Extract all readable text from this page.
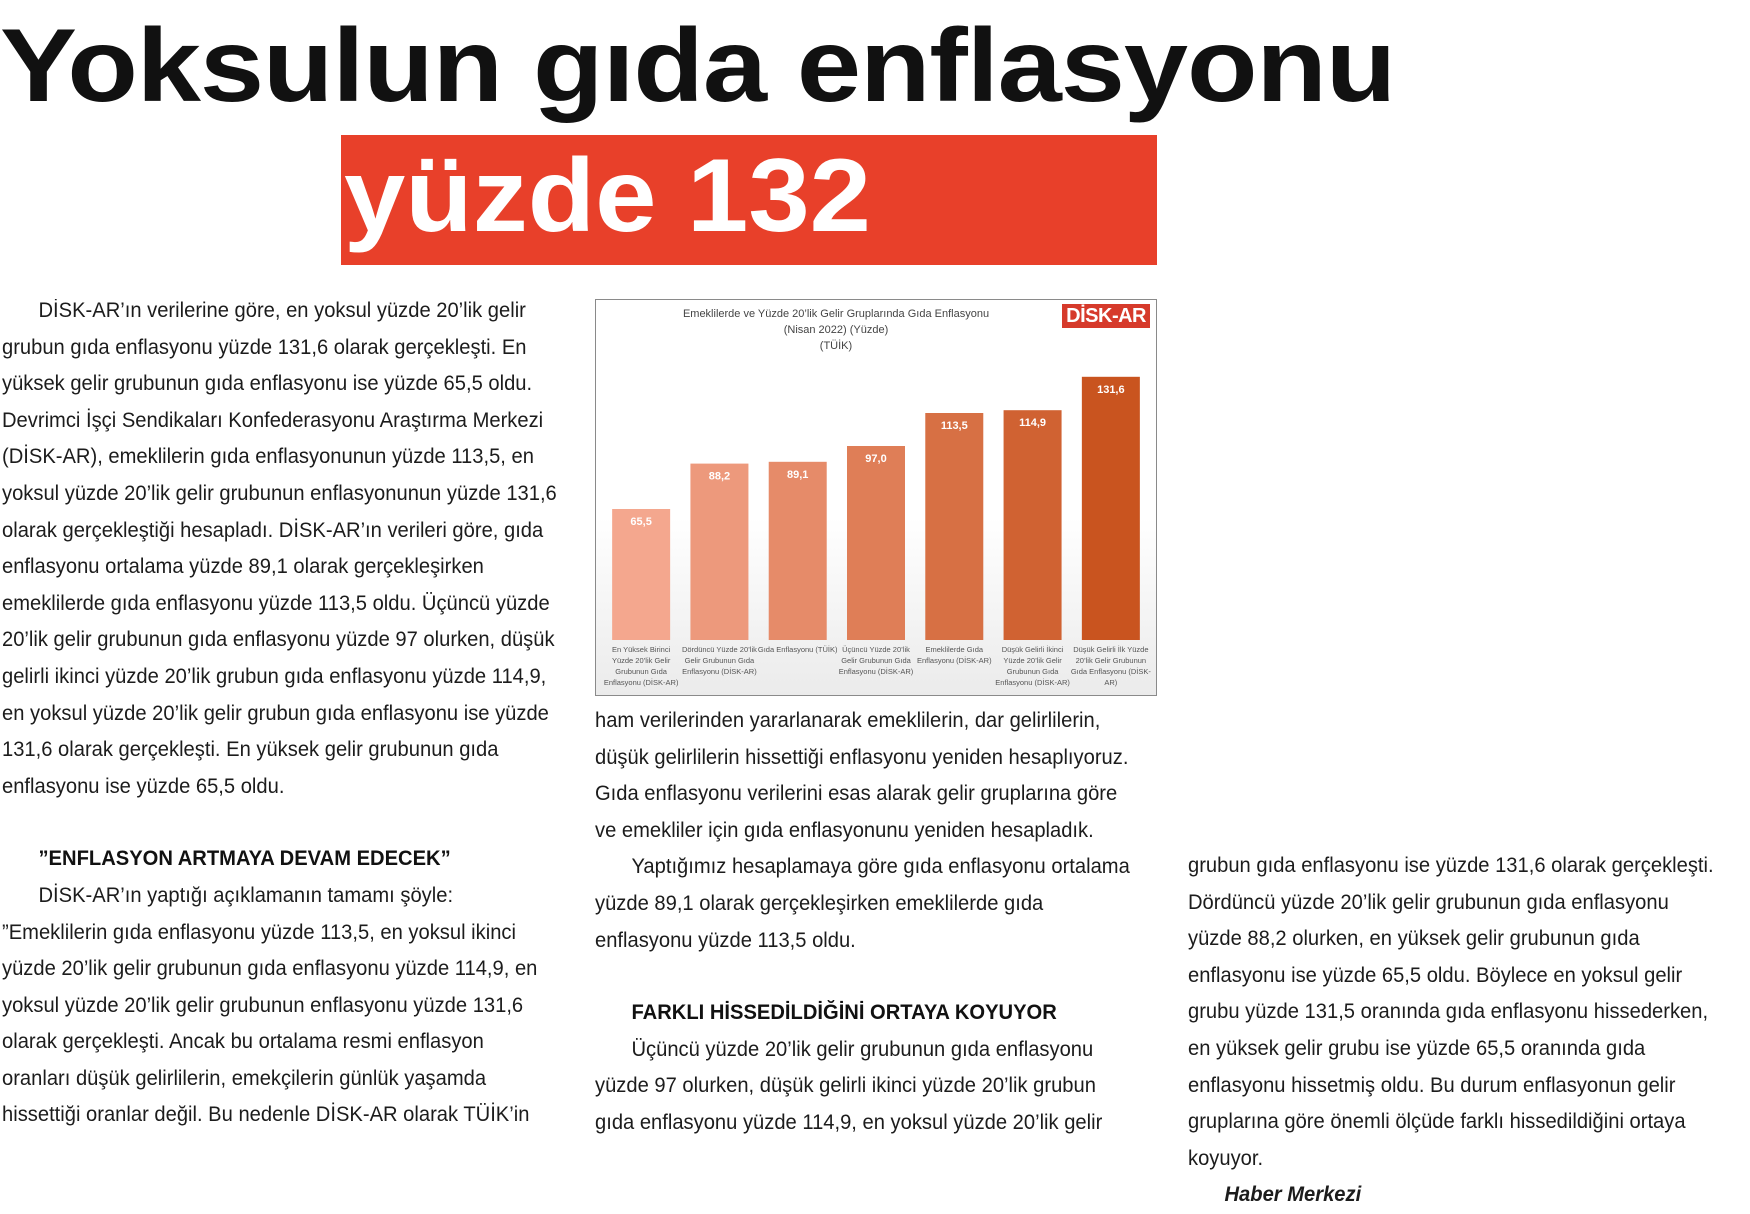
Yoksulun gıda enflasyonu
yüzde 132

DİSK-AR’ın verilerine göre, en yoksul yüzde 20’lik gelir grubun gıda enflasyonu yüzde 131,6 olarak gerçekleşti. En yüksek gelir grubunun gıda enflasyonu ise yüzde 65,5 oldu. Devrimci İşçi Sendikaları Konfederasyonu Araştırma Merkezi (DİSK-AR), emeklilerin gıda enflasyonunun yüzde 113,5, en yoksul yüzde 20’lik gelir grubunun enflasyonunun yüzde 131,6 olarak gerçekleştiği hesapladı. DİSK-AR’ın verileri göre, gıda enflasyonu ortalama yüzde 89,1 olarak gerçekleşirken emeklilerde gıda enflasyonu yüzde 113,5 oldu. Üçüncü yüzde 20’lik gelir grubunun gıda enflasyonu yüzde 97 olurken, düşük gelirli ikinci yüzde 20’lik grubun gıda enflasyonu yüzde 114,9, en yoksul yüzde 20’lik gelir grubun gıda enflasyonu ise yüzde 131,6 olarak gerçekleşti. En yüksek gelir grubunun gıda enflasyonu ise yüzde 65,5 oldu.

”ENFLASYON ARTMAYA DEVAM EDECEK”

DİSK-AR’ın yaptığı açıklamanın tamamı şöyle:

”Emeklilerin gıda enflasyonu yüzde 113,5, en yoksul ikinci yüzde 20’lik gelir grubunun gıda enflasyonu yüzde 114,9, en yoksul yüzde 20’lik gelir grubunun enflasyonu yüzde 131,6 olarak gerçekleşti. Ancak bu ortalama resmi enflasyon oranları düşük gelirlilerin, emekçilerin günlük yaşamda hissettiği oranlar değil. Bu nedenle DİSK-AR olarak TÜİK’in

Emeklilerde ve Yüzde 20’lik Gelir Gruplarında Gıda Enflasyonu
(Nisan 2022) (Yüzde)
(TÜİK)
DİSK-AR
65,5
En Yüksek Birinci
Yüzde 20’lik Gelir
Grubunun Gıda
Enflasyonu (DİSK-AR)
88,2
Dördüncü Yüzde 20’lik
Gelir Grubunun Gıda
Enflasyonu (DİSK-AR)
89,1
Gıda Enflasyonu (TÜİK)
97,0
Üçüncü Yüzde 20’lik
Gelir Grubunun Gıda
Enflasyonu (DİSK-AR)
113,5
Emeklilerde Gıda
Enflasyonu (DİSK-AR)
114,9
Düşük Gelirli İkinci
Yüzde 20’lik Gelir
Grubunun Gıda
Enflasyonu (DİSK-AR)
131,6
Düşük Gelirli İlk Yüzde
20’lik Gelir Grubunun
Gıda Enflasyonu (DİSK-
AR)

ham verilerinden yararlanarak emeklilerin, dar gelirlilerin, düşük gelirlilerin hissettiği enflasyonu yeniden hesaplıyoruz. Gıda enflasyonu verilerini esas alarak gelir gruplarına göre ve emekliler için gıda enflasyonunu yeniden hesapladık.

Yaptığımız hesaplamaya göre gıda enflasyonu ortalama yüzde 89,1 olarak gerçekleşirken emeklilerde gıda enflasyonu yüzde 113,5 oldu.

FARKLI HİSSEDİLDİĞİNİ ORTAYA KOYUYOR

Üçüncü yüzde 20’lik gelir grubunun gıda enflasyonu yüzde 97 olurken, düşük gelirli ikinci yüzde 20’lik grubun gıda enflasyonu yüzde 114,9, en yoksul yüzde 20’lik gelir

grubun gıda enflasyonu ise yüzde 131,6 olarak gerçekleşti. Dördüncü yüzde 20’lik gelir grubunun gıda enflasyonu yüzde 88,2 olurken, en yüksek gelir grubunun gıda enflasyonu ise yüzde 65,5 oldu. Böylece en yoksul gelir grubu yüzde 131,5 oranında gıda enflasyonu hissederken, en yüksek gelir grubu ise yüzde 65,5 oranında gıda enflasyonu hissetmiş oldu. Bu durum enflasyonun gelir gruplarına göre önemli ölçüde farklı hissedildiğini ortaya koyuyor.

Haber Merkezi
